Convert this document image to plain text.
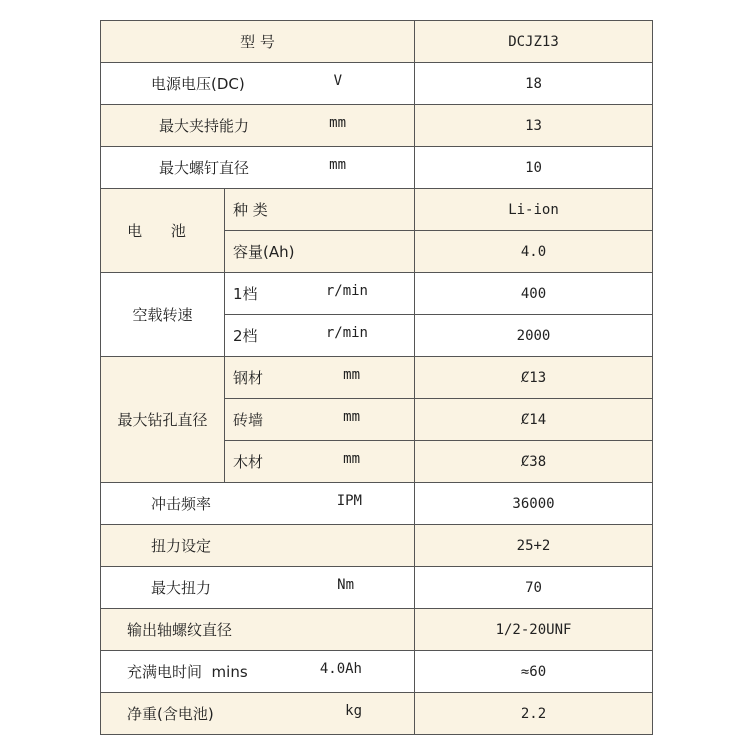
型 号		DCJZ13

电源电压(DC) V		18

最大夹持能力 mm		13

最大螺钉直径 mm		10
电 池	种 类	Li-ion
	容量(Ah)	4.0
空载转速	1档 r/min	400

	2档 r/min	2000
最大钻孔直径	钢材 mm	Ȼ13

	砖墙 mm	Ȼ14

	木材 mm	Ȼ38

冲击频率 IPM		36000
扭力设定		25+2

最大扭力 Nm		70
输出轴螺纹直径		1/2-20UNF

充满电时间  mins 4.0Ah		≈60

净重(含电池) kg		2.2
